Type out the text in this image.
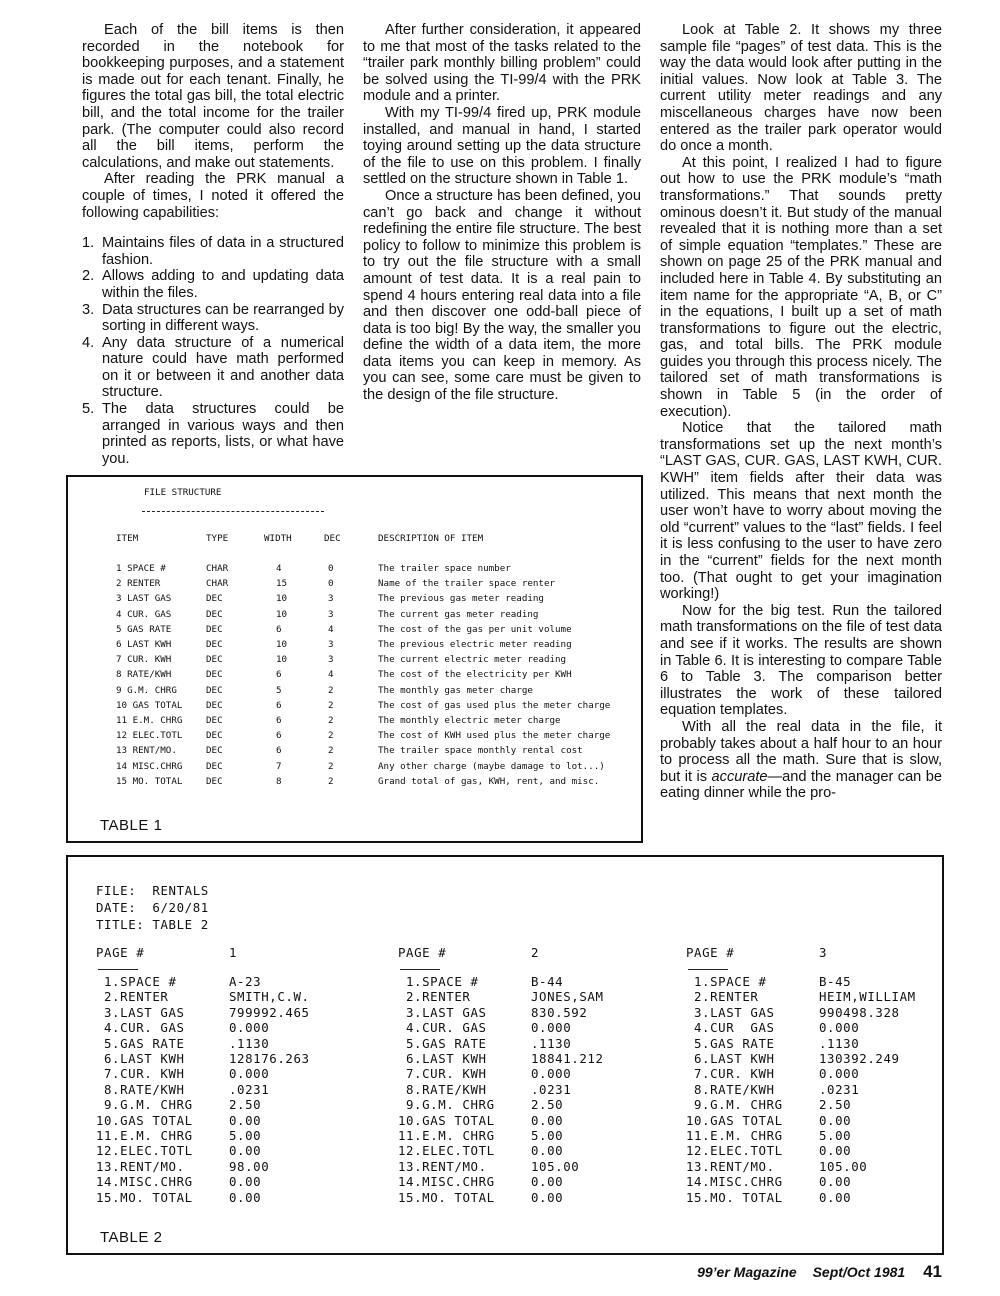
Each of the bill items is then recorded in the notebook for bookkeeping purposes, and a statement is made out for each tenant. Finally, he figures the total gas bill, the total electric bill, and the total income for the trailer park. (The computer could also record all the bill items, perform the calculations, and make out statements.

After reading the PRK manual a couple of times, I noted it offered the following capabilities:

1. Maintains files of data in a structured fashion.
2. Allows adding to and updating data within the files.
3. Data structures can be rearranged by sorting in different ways.
4. Any data structure of a numerical nature could have math performed on it or between it and another data structure.
5. The data structures could be arranged in various ways and then printed as reports, lists, or what have you.

After further consideration, it appeared to me that most of the tasks related to the “trailer park monthly billing problem” could be solved using the TI-99/4 with the PRK module and a printer.

With my TI-99/4 fired up, PRK module installed, and manual in hand, I started toying around setting up the data structure of the file to use on this problem. I finally settled on the structure shown in Table 1.

Once a structure has been defined, you can’t go back and change it without redefining the entire file structure. The best policy to follow to minimize this problem is to try out the file structure with a small amount of test data. It is a real pain to spend 4 hours entering real data into a file and then discover one odd-ball piece of data is too big! By the way, the smaller you define the width of a data item, the more data items you can keep in memory. As you can see, some care must be given to the design of the file structure.

Look at Table 2. It shows my three sample file “pages” of test data. This is the way the data would look after putting in the initial values. Now look at Table 3. The current utility meter readings and any miscellaneous charges have now been entered as the trailer park operator would do once a month.

At this point, I realized I had to figure out how to use the PRK module’s “math transformations.” That sounds pretty ominous doesn’t it. But study of the manual revealed that it is nothing more than a set of simple equation “templates.” These are shown on page 25 of the PRK manual and included here in Table 4. By substituting an item name for the appropriate “A, B, or C” in the equations, I built up a set of math transformations to figure out the electric, gas, and total bills. The PRK module guides you through this process nicely. The tailored set of math transformations is shown in Table 5 (in the order of execution).

Notice that the tailored math transformations set up the next month’s “LAST GAS, CUR. GAS, LAST KWH, CUR. KWH” item fields after their data was utilized. This means that next month the user won’t have to worry about moving the old “current” values to the “last” fields. I feel it is less confusing to the user to have zero in the “current” fields for the next month too. (That ought to get your imagination working!)

Now for the big test. Run the tailored math transformations on the file of test data and see if it works. The results are shown in Table 6. It is interesting to compare Table 6 to Table 3. The comparison better illustrates the work of these tailored equation templates.

With all the real data in the file, it probably takes about a half hour to an hour to process all the math. Sure that is slow, but it is accurate—and the manager can be eating dinner while the pro-

FILE STRUCTURE
TABLE 1
ITEM	TYPE	WIDTH	DEC	DESCRIPTION OF ITEM
1 SPACE #	CHAR	4	0	The trailer space number
2 RENTER	CHAR	15	0	Name of the trailer space renter
3 LAST GAS	DEC	10	3	The previous gas meter reading
4 CUR. GAS	DEC	10	3	The current gas meter reading
5 GAS RATE	DEC	6	4	The cost of the gas per unit volume
6 LAST KWH	DEC	10	3	The previous electric meter reading
7 CUR. KWH	DEC	10	3	The current electric meter reading
8 RATE/KWH	DEC	6	4	The cost of the electricity per KWH
9 G.M. CHRG	DEC	5	2	The monthly gas meter charge
10 GAS TOTAL	DEC	6	2	The cost of gas used plus the meter charge
11 E.M. CHRG	DEC	6	2	The monthly electric meter charge
12 ELEC.TOTL	DEC	6	2	The cost of KWH used plus the meter charge
13 RENT/MO.	DEC	6	2	The trailer space monthly rental cost
14 MISC.CHRG	DEC	7	2	Any other charge (maybe damage to lot...)
15 MO. TOTAL	DEC	8	2	Grand total of gas, KWH, rent, and misc.
FILE:  RENTALS
DATE:  6/20/81
TITLE: TABLE 2
TABLE 2
PAGE #	1
1.SPACE #	A-23
2.RENTER	SMITH,C.W.
3.LAST GAS	799992.465
4.CUR. GAS	0.000
5.GAS RATE	.1130
6.LAST KWH	128176.263
7.CUR. KWH	0.000
8.RATE/KWH	.0231
9.G.M. CHRG	2.50
10.GAS TOTAL	0.00
11.E.M. CHRG	5.00
12.ELEC.TOTL	0.00
13.RENT/MO.	98.00
14.MISC.CHRG	0.00
15.MO. TOTAL	0.00
PAGE #	2
1.SPACE #	B-44
2.RENTER	JONES,SAM
3.LAST GAS	830.592
4.CUR. GAS	0.000
5.GAS RATE	.1130
6.LAST KWH	18841.212
7.CUR. KWH	0.000
8.RATE/KWH	.0231
9.G.M. CHRG	2.50
10.GAS TOTAL	0.00
11.E.M. CHRG	5.00
12.ELEC.TOTL	0.00
13.RENT/MO.	105.00
14.MISC.CHRG	0.00
15.MO. TOTAL	0.00
PAGE #	3
1.SPACE #	B-45
2.RENTER	HEIM,WILLIAM
3.LAST GAS	990498.328
4.CUR  GAS	0.000
5.GAS RATE	.1130
6.LAST KWH	130392.249
7.CUR. KWH	0.000
8.RATE/KWH	.0231
9.G.M. CHRG	2.50
10.GAS TOTAL	0.00
11.E.M. CHRG	5.00
12.ELEC.TOTL	0.00
13.RENT/MO.	105.00
14.MISC.CHRG	0.00
15.MO. TOTAL	0.00
99’er Magazine Sept/Oct 1981 41
